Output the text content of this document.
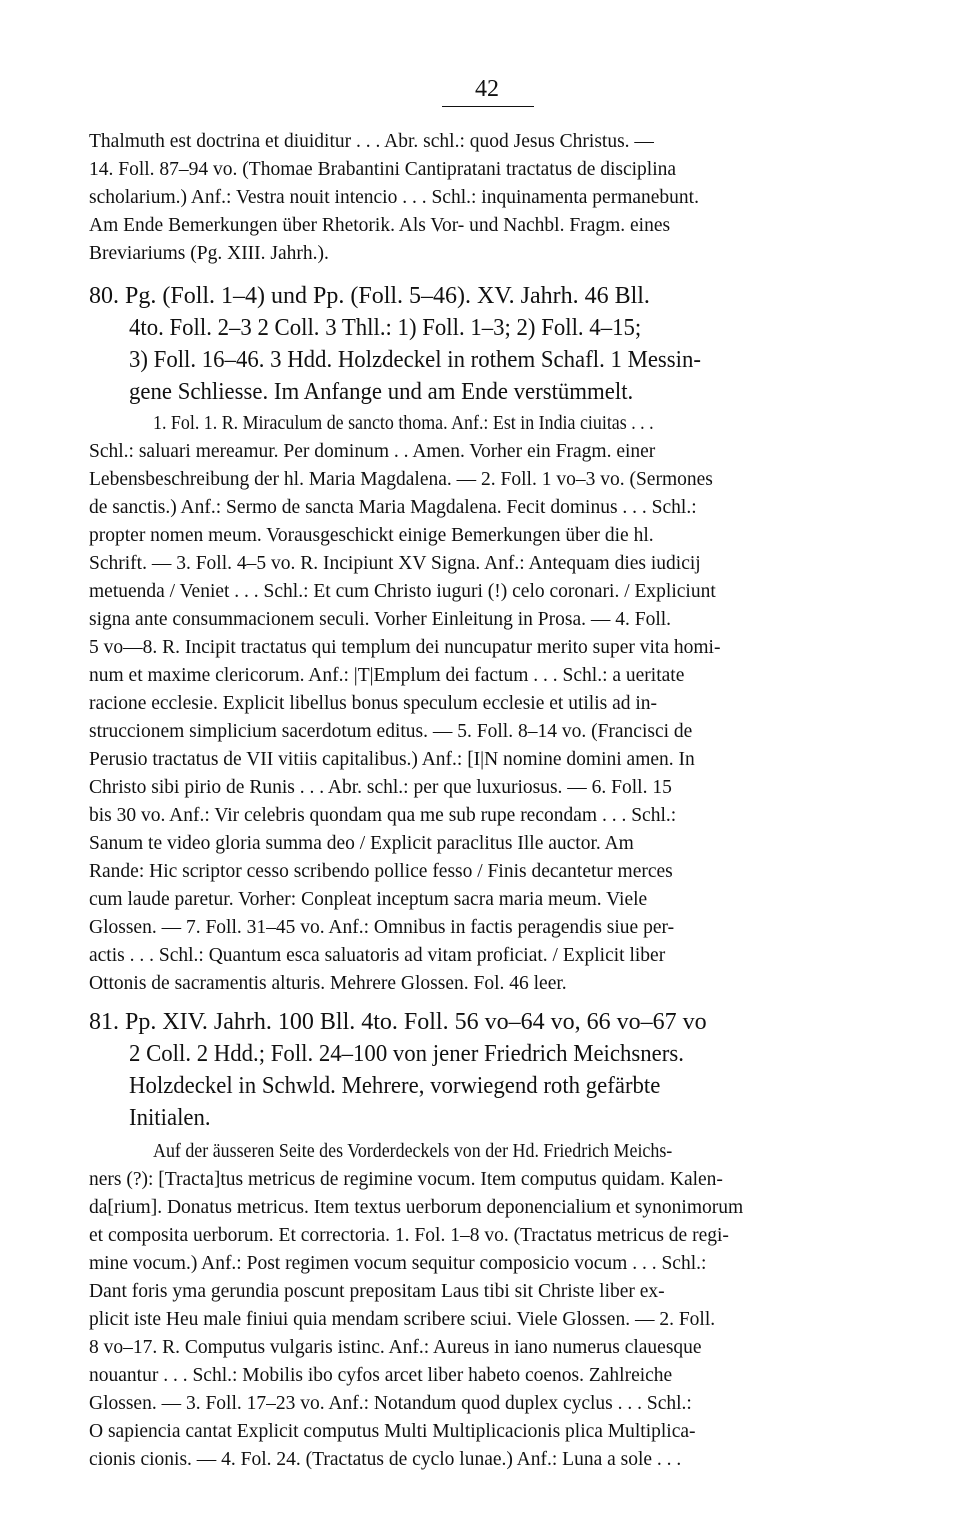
42
Thalmuth est doctrina et diuiditur . . . Abr. schl.: quod Jesus Christus. —
14. Foll. 87–94 vo. (Thomae Brabantini Cantipratani tractatus de disciplina
scholarium.) Anf.: Vestra nouit intencio . . . Schl.: inquinamenta permanebunt.
Am Ende Bemerkungen über Rhetorik. Als Vor- und Nachbl. Fragm. eines
Breviariums (Pg. XIII. Jahrh.).
80. Pg. (Foll. 1–4) und Pp. (Foll. 5–46). XV. Jahrh. 46 Bll.
4to. Foll. 2–3 2 Coll. 3 Thll.: 1) Foll. 1–3; 2) Foll. 4–15;
3) Foll. 16–46. 3 Hdd. Holzdeckel in rothem Schafl. 1 Messin-
gene Schliesse. Im Anfange und am Ende verstümmelt.
1. Fol. 1. R. Miraculum de sancto thoma. Anf.: Est in India ciuitas . . .
Schl.: saluari mereamur. Per dominum . . Amen. Vorher ein Fragm. einer
Lebensbeschreibung der hl. Maria Magdalena. — 2. Foll. 1 vo–3 vo. (Sermones
de sanctis.) Anf.: Sermo de sancta Maria Magdalena. Fecit dominus . . . Schl.:
propter nomen meum. Vorausgeschickt einige Bemerkungen über die hl.
Schrift. — 3. Foll. 4–5 vo. R. Incipiunt XV Signa. Anf.: Antequam dies iudicij
metuenda / Veniet . . . Schl.: Et cum Christo iuguri (!) celo coronari. / Expliciunt
signa ante consummacionem seculi. Vorher Einleitung in Prosa. — 4. Foll.
5 vo—8. R. Incipit tractatus qui templum dei nuncupatur merito super vita homi-
num et maxime clericorum. Anf.: |T|Emplum dei factum . . . Schl.: a ueritate
racione ecclesie. Explicit libellus bonus speculum ecclesie et utilis ad in-
struccionem simplicium sacerdotum editus. — 5. Foll. 8–14 vo. (Francisci de
Perusio tractatus de VII vitiis capitalibus.) Anf.: [I|N nomine domini amen. In
Christo sibi pirio de Runis . . . Abr. schl.: per que luxuriosus. — 6. Foll. 15
bis 30 vo. Anf.: Vir celebris quondam qua me sub rupe recondam . . . Schl.:
Sanum te video gloria summa deo / Explicit paraclitus Ille auctor. Am
Rande: Hic scriptor cesso scribendo pollice fesso / Finis decantetur merces
cum laude paretur. Vorher: Conpleat inceptum sacra maria meum. Viele
Glossen. — 7. Foll. 31–45 vo. Anf.: Omnibus in factis peragendis siue per-
actis . . . Schl.: Quantum esca saluatoris ad vitam proficiat. / Explicit liber
Ottonis de sacramentis alturis. Mehrere Glossen. Fol. 46 leer.
81. Pp. XIV. Jahrh. 100 Bll. 4to. Foll. 56 vo–64 vo, 66 vo–67 vo
2 Coll. 2 Hdd.; Foll. 24–100 von jener Friedrich Meichsners.
Holzdeckel in Schwld. Mehrere, vorwiegend roth gefärbte
Initialen.
Auf der äusseren Seite des Vorderdeckels von der Hd. Friedrich Meichs-
ners (?): [Tracta]tus metricus de regimine vocum. Item computus quidam. Kalen-
da[rium]. Donatus metricus. Item textus uerborum deponencialium et synonimorum
et composita uerborum. Et correctoria. 1. Fol. 1–8 vo. (Tractatus metricus de regi-
mine vocum.) Anf.: Post regimen vocum sequitur composicio vocum . . . Schl.:
Dant foris yma gerundia poscunt prepositam Laus tibi sit Christe liber ex-
plicit iste Heu male finiui quia mendam scribere sciui. Viele Glossen. — 2. Foll.
8 vo–17. R. Computus vulgaris istinc. Anf.: Aureus in iano numerus clauesque
nouantur . . . Schl.: Mobilis ibo cyfos arcet liber habeto coenos. Zahlreiche
Glossen. — 3. Foll. 17–23 vo. Anf.: Notandum quod duplex cyclus . . . Schl.:
O sapiencia cantat Explicit computus Multi Multiplicacionis plica Multiplica-
cionis cionis. — 4. Fol. 24. (Tractatus de cyclo lunae.) Anf.: Luna a sole . . .
